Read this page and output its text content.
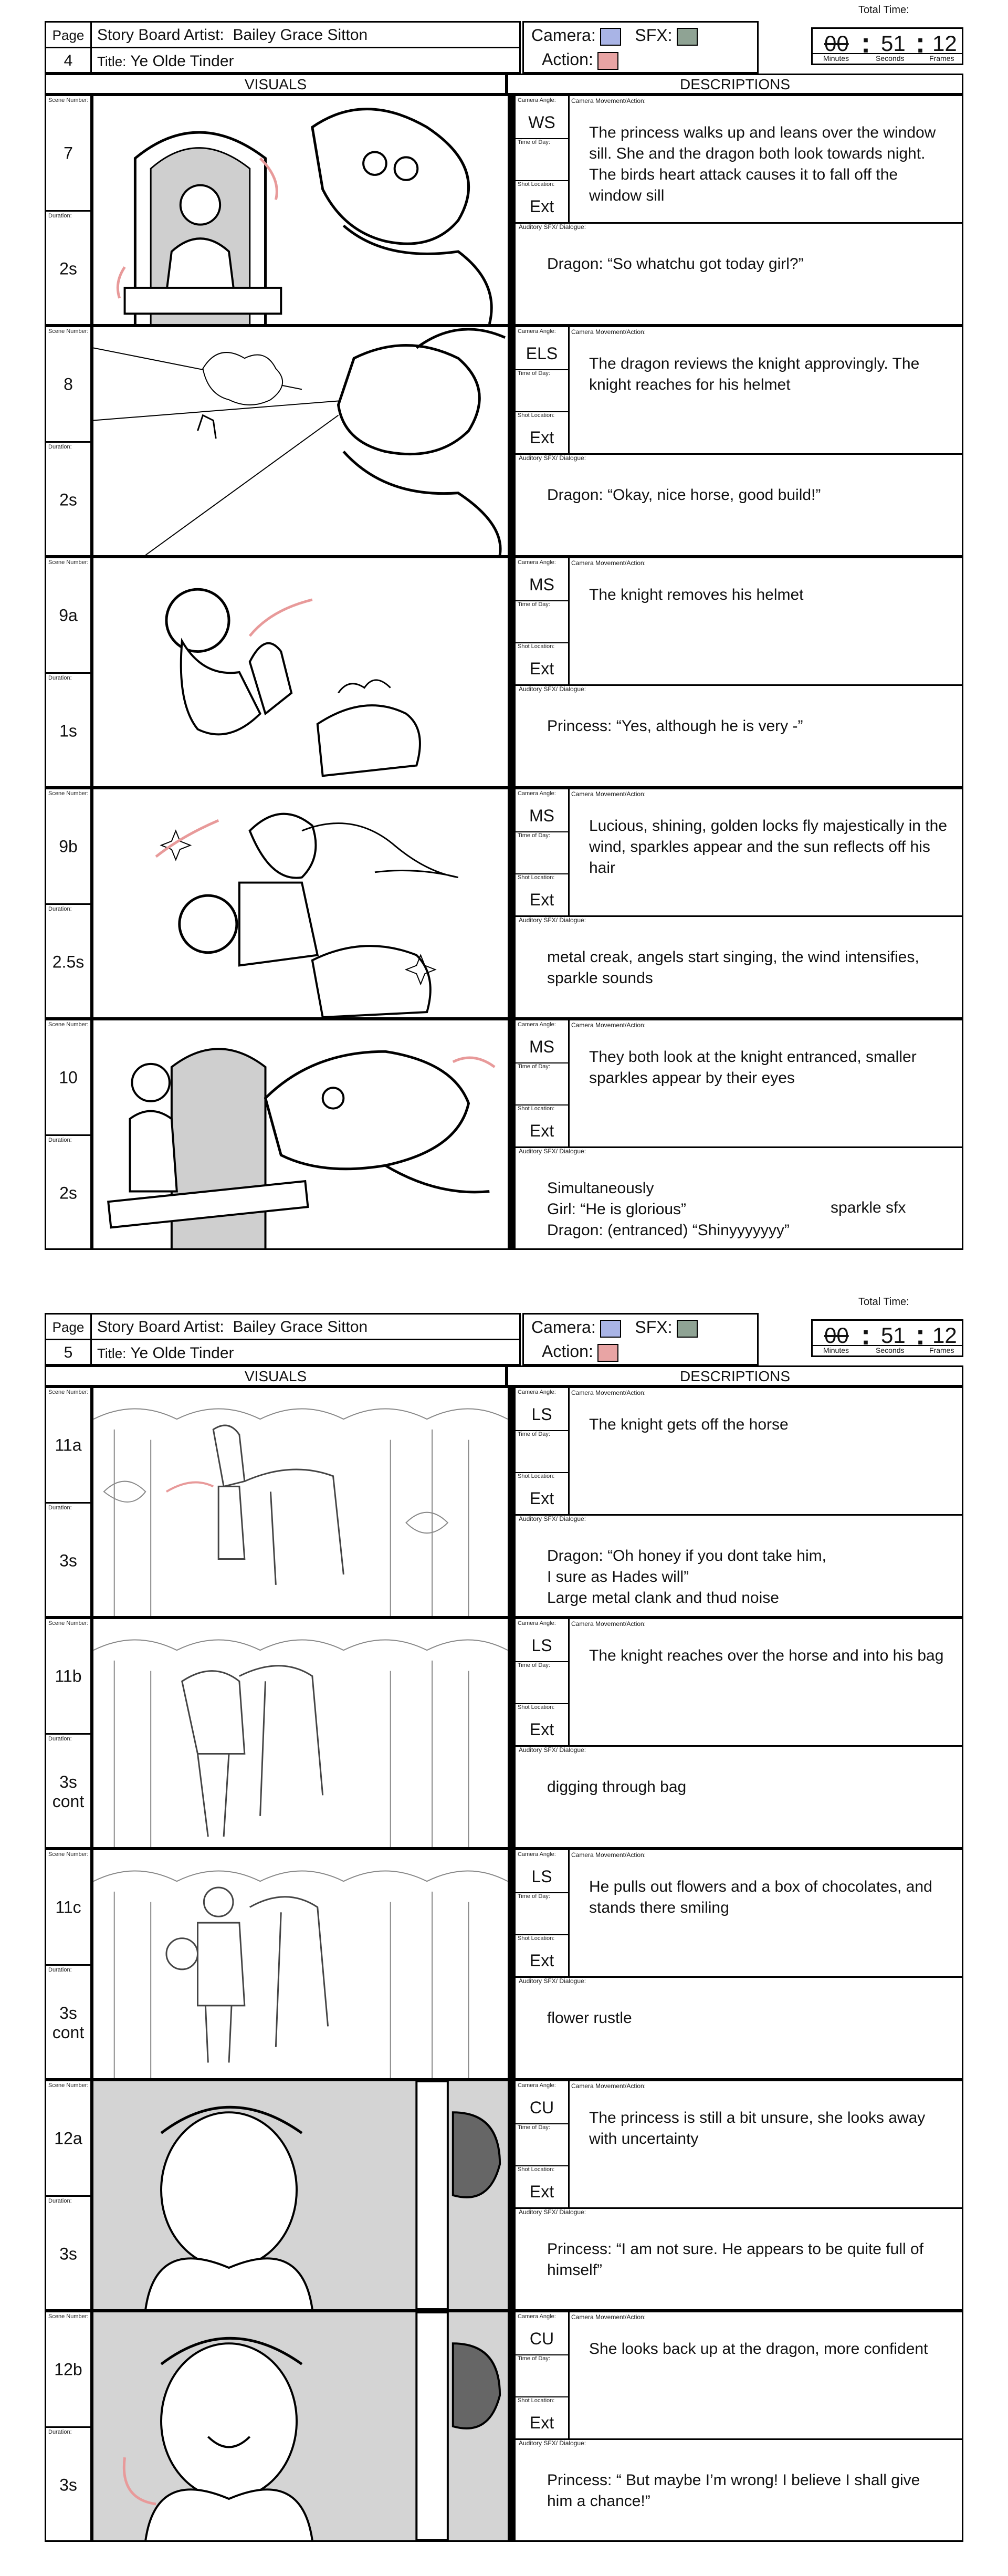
Page
4
Story Board Artist: Bailey Grace Sitton
Title: Ye Olde Tinder
Camera: SFX:
Action:
Total Time:
00 : 51 : 12
Minutes	Seconds	Frames
VISUALS	DESCRIPTIONS
Scene Number:
7
Duration:
2s
Camera Angle:
WS
Time of Day:
Shot Location:
Ext
Camera Movement/Action:
The princess walks up and leans over the window sill. She and the dragon both look towards night. The birds heart attack causes it to fall off the window sill
Auditory SFX/ Dialogue:
Dragon: “So whatchu got today girl?”
Scene Number:
8
Duration:
2s
Camera Angle:
ELS
Time of Day:
Shot Location:
Ext
Camera Movement/Action:
The dragon reviews the knight approvingly. The knight reaches for his helmet
Auditory SFX/ Dialogue:
Dragon: “Okay, nice horse, good build!”
Scene Number:
9a
Duration:
1s
Camera Angle:
MS
Time of Day:
Shot Location:
Ext
Camera Movement/Action:
The knight removes his helmet
Auditory SFX/ Dialogue:
Princess: “Yes, although he is very -”
Scene Number:
9b
Duration:
2.5s
Camera Angle:
MS
Time of Day:
Shot Location:
Ext
Camera Movement/Action:
Lucious, shining, golden locks fly majestically in the wind, sparkles appear and the sun reflects off his hair
Auditory SFX/ Dialogue:
metal creak, angels start singing, the wind intensifies, sparkle sounds
Scene Number:
10
Duration:
2s
Camera Angle:
MS
Time of Day:
Shot Location:
Ext
Camera Movement/Action:
They both look at the knight entranced, smaller sparkles appear by their eyes
Auditory SFX/ Dialogue:
Simultaneously
Girl: “He is glorious”
Dragon: (entranced) “Shinyyyyyyy”
sparkle sfx
Page
5
Story Board Artist: Bailey Grace Sitton
Title: Ye Olde Tinder
Camera: SFX:
Action:
Total Time:
00 : 51 : 12
Minutes	Seconds	Frames
VISUALS	DESCRIPTIONS
Scene Number:
11a
Duration:
3s
Camera Angle:
LS
Time of Day:
Shot Location:
Ext
Camera Movement/Action:
The knight gets off the horse
Auditory SFX/ Dialogue:
Dragon: “Oh honey if you dont take him,
I sure as Hades will”
Large metal clank and thud noise
Scene Number:
11b
Duration:
3s cont
Camera Angle:
LS
Time of Day:
Shot Location:
Ext
Camera Movement/Action:
The knight reaches over the horse and into his bag
Auditory SFX/ Dialogue:
digging through bag
Scene Number:
11c
Duration:
3s cont
Camera Angle:
LS
Time of Day:
Shot Location:
Ext
Camera Movement/Action:
He pulls out flowers and a box of chocolates, and stands there smiling
Auditory SFX/ Dialogue:
flower rustle
Scene Number:
12a
Duration:
3s
Camera Angle:
CU
Time of Day:
Shot Location:
Ext
Camera Movement/Action:
The princess is still a bit unsure, she looks away with uncertainty
Auditory SFX/ Dialogue:
Princess: “I am not sure. He appears to be quite full of himself”
Scene Number:
12b
Duration:
3s
Camera Angle:
CU
Time of Day:
Shot Location:
Ext
Camera Movement/Action:
She looks back up at the dragon, more confident
Auditory SFX/ Dialogue:
Princess: “ But maybe I’m wrong! I believe I shall give him a chance!”
